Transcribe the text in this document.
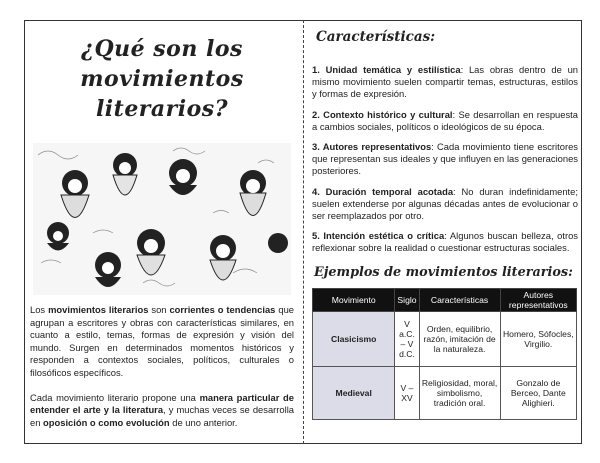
¿Qué son los
movimientos literarios?

Los movimientos literarios son corrientes o tendencias que agrupan a escritores y obras con características similares, en cuanto a estilo, temas, formas de expresión y visión del mundo. Surgen en determinados momentos históricos y responden a contextos sociales, políticos, culturales o filosóficos específicos.

Cada movimiento literario propone una manera particular de entender el arte y la literatura, y muchas veces se desarrolla en oposición o como evolución de uno anterior.

Características:

1. Unidad temática y estilística: Las obras dentro de un mismo movimiento suelen compartir temas, estructuras, estilos y formas de expresión.

2. Contexto histórico y cultural: Se desarrollan en respuesta a cambios sociales, políticos o ideológicos de su época.

3. Autores representativos: Cada movimiento tiene escritores que representan sus ideales y que influyen en las generaciones posteriores.

4. Duración temporal acotada: No duran indefinidamente; suelen extenderse por algunas décadas antes de evolucionar o ser reemplazados por otro.

5. Intención estética o crítica: Algunos buscan belleza, otros reflexionar sobre la realidad o cuestionar estructuras sociales.

Ejemplos de movimientos literarios:
Movimiento	Siglo	Características	Autores representativos
Clasicismo	V a.C. – V d.C.	Orden, equilibrio, razón, imitación de la naturaleza.	Homero, Sófocles, Virgilio.
Medieval	V – XV	Religiosidad, moral, simbolismo, tradición oral.	Gonzalo de Berceo, Dante Alighieri.
